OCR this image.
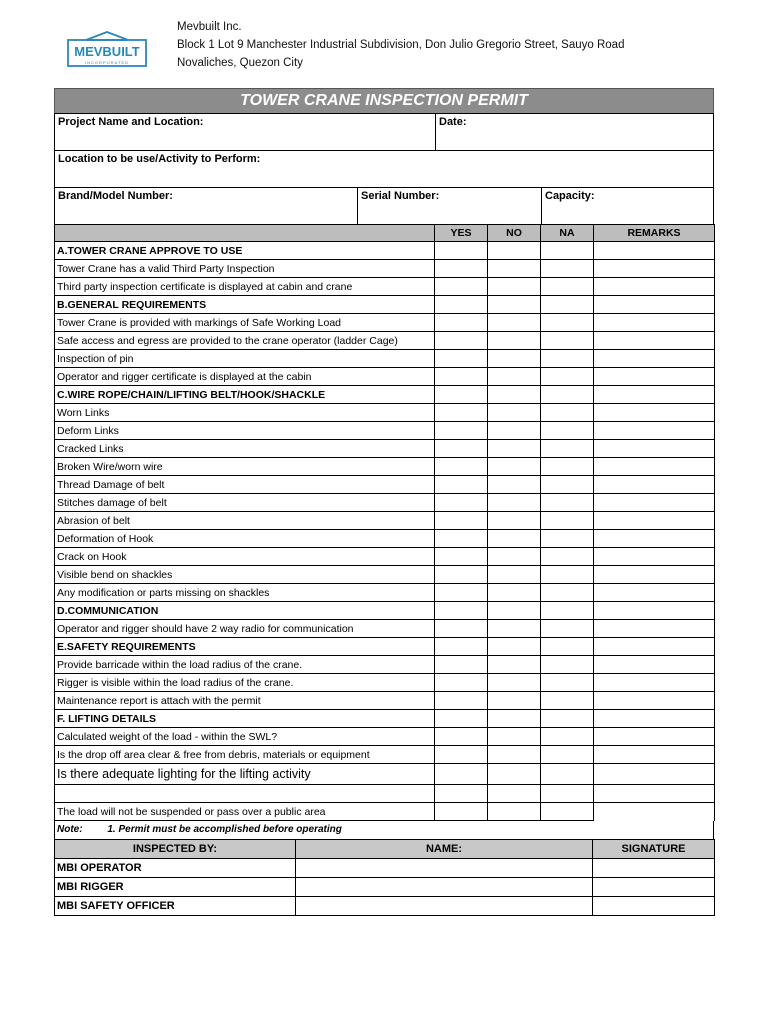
MEVBUILT
INCORPORATED
Mevbuilt Inc.
Block 1 Lot 9 Manchester Industrial Subdivision, Don Julio Gregorio Street, Sauyo Road
Novaliches, Quezon City
TOWER CRANE INSPECTION PERMIT
Project Name and Location:	Date:
Location to be use/Activity to Perform:
Brand/Model Number:	Serial Number:	Capacity:
	YES	NO	NA	REMARKS
A.TOWER CRANE APPROVE TO USE				
Tower Crane has a valid Third Party Inspection				
Third party inspection certificate is displayed at cabin and crane				
B.GENERAL REQUIREMENTS				
Tower Crane is provided with markings of Safe Working Load				
Safe access and egress are provided to the crane operator (ladder Cage)				
Inspection of pin				
Operator and rigger certificate is displayed at the cabin				
C.WIRE ROPE/CHAIN/LIFTING BELT/HOOK/SHACKLE				
Worn Links				
Deform Links				
Cracked Links				
Broken Wire/worn wire				
Thread Damage of belt				
Stitches damage of belt				
Abrasion of belt				
Deformation of Hook				
Crack on Hook				
Visible bend on shackles				
Any modification or parts missing on shackles				
D.COMMUNICATION				
Operator and rigger should have 2 way radio for communication				
E.SAFETY REQUIREMENTS				
Provide barricade within the load radius of the crane.				
Rigger is visible within the load radius of the crane.				
Maintenance report is attach with the permit				
F. LIFTING DETAILS				
Calculated weight of the load - within the SWL?				
Is the drop off area clear & free from debris, materials or equipment				
Is there adequate lighting for the lifting activity				

The load will not be suspended or pass over a public area				
Note: 1. Permit must be accomplished before operating
INSPECTED BY:	NAME:	SIGNATURE
MBI OPERATOR		
MBI RIGGER		
MBI SAFETY OFFICER		
